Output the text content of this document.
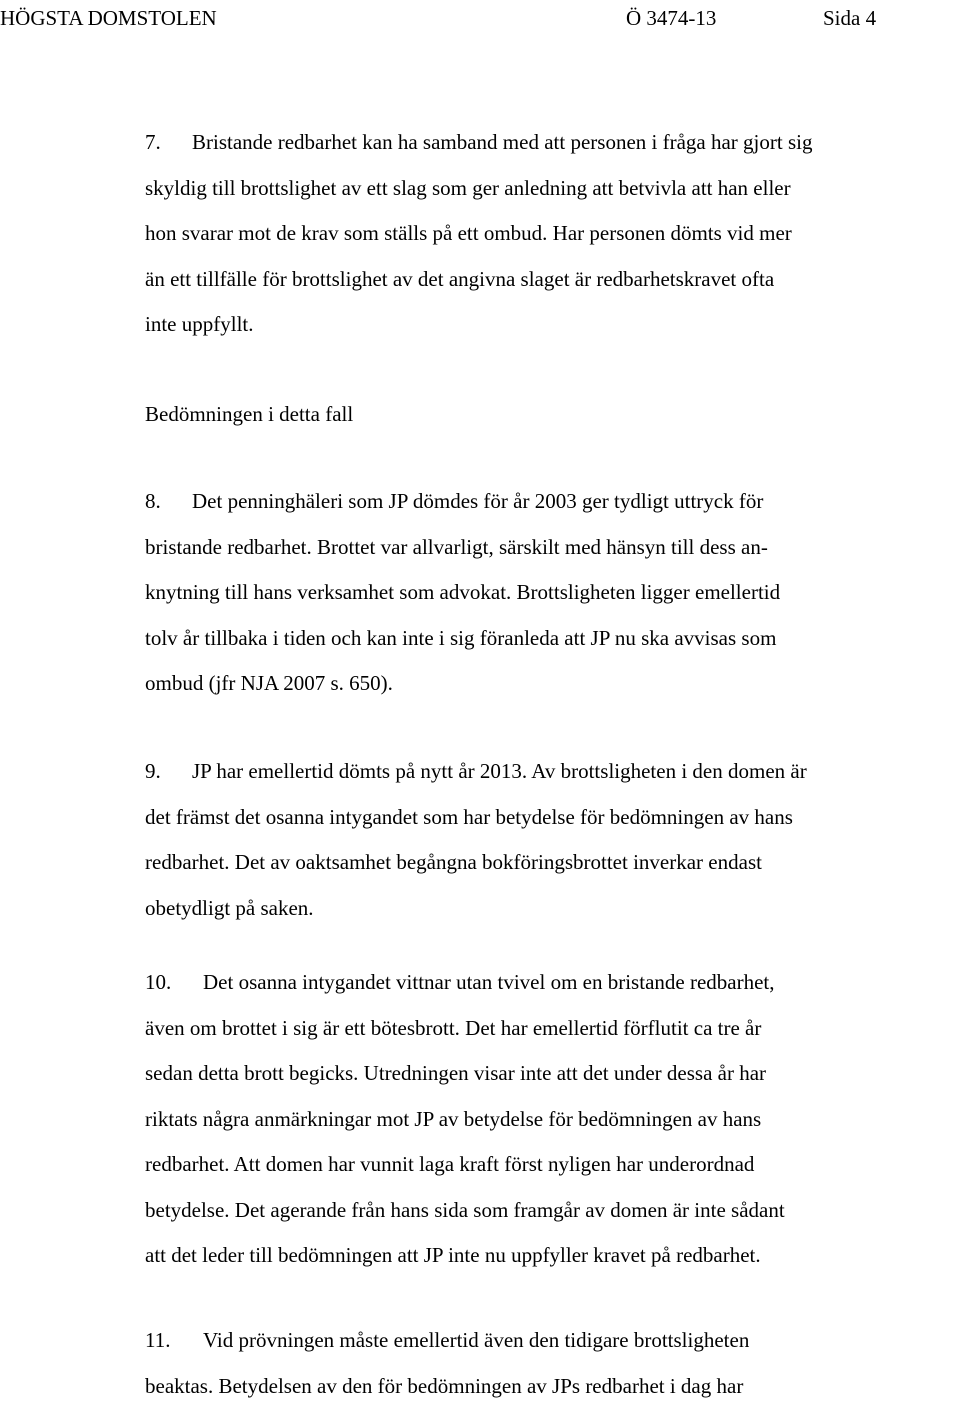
HÖGSTA DOMSTOLEN	Ö 3474-13	Sida 4
7. Bristande redbarhet kan ha samband med att personen i fråga har gjort sig
skyldig till brottslighet av ett slag som ger anledning att betvivla att han eller
hon svarar mot de krav som ställs på ett ombud. Har personen dömts vid mer
än ett tillfälle för brottslighet av det angivna slaget är redbarhetskravet ofta
inte uppfyllt.
Bedömningen i detta fall
8. Det penninghäleri som JP dömdes för år 2003 ger tydligt uttryck för
bristande redbarhet. Brottet var allvarligt, särskilt med hänsyn till dess an-
knytning till hans verksamhet som advokat. Brottsligheten ligger emellertid
tolv år tillbaka i tiden och kan inte i sig föranleda att JP nu ska avvisas som
ombud (jfr NJA 2007 s. 650).
9. JP har emellertid dömts på nytt år 2013. Av brottsligheten i den domen är
det främst det osanna intygandet som har betydelse för bedömningen av hans
redbarhet. Det av oaktsamhet begångna bokföringsbrottet inverkar endast
obetydligt på saken.
10. Det osanna intygandet vittnar utan tvivel om en bristande redbarhet,
även om brottet i sig är ett bötesbrott. Det har emellertid förflutit ca tre år
sedan detta brott begicks. Utredningen visar inte att det under dessa år har
riktats några anmärkningar mot JP av betydelse för bedömningen av hans
redbarhet. Att domen har vunnit laga kraft först nyligen har underordnad
betydelse. Det agerande från hans sida som framgår av domen är inte sådant
att det leder till bedömningen att JP inte nu uppfyller kravet på redbarhet.
11. Vid prövningen måste emellertid även den tidigare brottsligheten
beaktas. Betydelsen av den för bedömningen av JPs redbarhet i dag har
